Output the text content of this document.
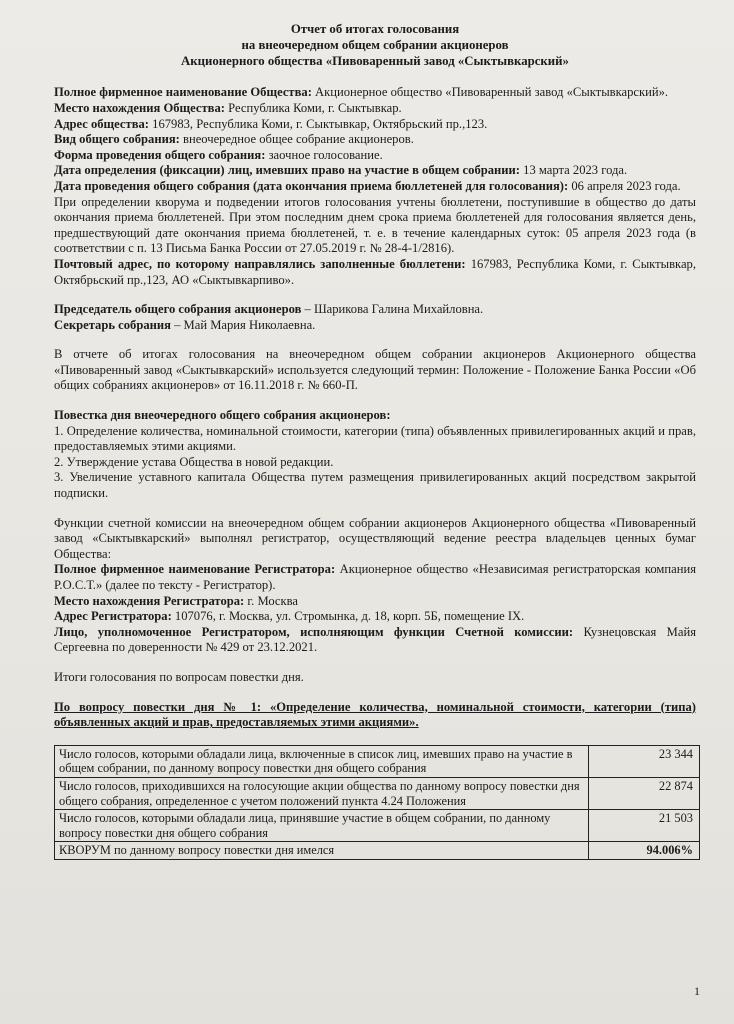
Отчет об итогах голосования
на внеочередном общем собрании акционеров
Акционерного общества «Пивоваренный завод «Сыктывкарский»

Полное фирменное наименование Общества: Акционерное общество «Пивоваренный завод «Сыктывкарский».

Место нахождения Общества: Республика Коми, г. Сыктывкар.

Адрес общества: 167983, Республика Коми, г. Сыктывкар, Октябрьский пр.,123.

Вид общего собрания: внеочередное общее собрание акционеров.

Форма проведения общего собрания: заочное голосование.

Дата определения (фиксации) лиц, имевших право на участие в общем собрании: 13 марта 2023 года.

Дата проведения общего собрания (дата окончания приема бюллетеней для голосования): 06 апреля 2023 года.

При определении кворума и подведении итогов голосования учтены бюллетени, поступившие в общество до даты окончания приема бюллетеней. При этом последним днем срока приема бюллетеней для голосования является день, предшествующий дате окончания приема бюллетеней, т. е. в течение календарных суток: 05 апреля 2023 года (в соответствии с п. 13 Письма Банка России от 27.05.2019 г. № 28-4-1/2816).

Почтовый адрес, по которому направлялись заполненные бюллетени: 167983, Республика Коми, г. Сыктывкар, Октябрьский пр.,123, АО «Сыктывкарпиво».

Председатель общего собрания акционеров – Шарикова Галина Михайловна.

Секретарь собрания – Май Мария Николаевна.

В отчете об итогах голосования на внеочередном общем собрании акционеров Акционерного общества «Пивоваренный завод «Сыктывкарский» используется следующий термин: Положение - Положение Банка России «Об общих собраниях акционеров» от 16.11.2018 г. № 660-П.

Повестка дня внеочередного общего собрания акционеров:

1. Определение количества, номинальной стоимости, категории (типа) объявленных привилегированных акций и прав, предоставляемых этими акциями.

2. Утверждение устава Общества в новой редакции.

3. Увеличение уставного капитала Общества путем размещения привилегированных акций посредством закрытой подписки.

Функции счетной комиссии на внеочередном общем собрании акционеров Акционерного общества «Пивоваренный завод «Сыктывкарский» выполнял регистратор, осуществляющий ведение реестра владельцев ценных бумаг Общества:

Полное фирменное наименование Регистратора: Акционерное общество «Независимая регистраторская компания Р.О.С.Т.» (далее по тексту - Регистратор).

Место нахождения Регистратора: г. Москва

Адрес Регистратора: 107076, г. Москва, ул. Стромынка, д. 18, корп. 5Б, помещение IX.

Лицо, уполномоченное Регистратором, исполняющим функции Счетной комиссии: Кузнецовская Майя Сергеевна по доверенности № 429 от 23.12.2021.

Итоги голосования по вопросам повестки дня.

По вопросу повестки дня № 1: «Определение количества, номинальной стоимости, категории (типа) объявленных акций и прав, предоставляемых этими акциями».

Число голосов, которыми обладали лица, включенные в список лиц, имевших право на участие в общем собрании, по данному вопросу повестки дня общего собрания	23 344
Число голосов, приходившихся на голосующие акции общества по данному вопросу повестки дня общего собрания, определенное с учетом положений пункта 4.24 Положения	22 874
Число голосов, которыми обладали лица, принявшие участие в общем собрании, по данному вопросу повестки дня общего собрания	21 503
КВОРУМ по данному вопросу повестки дня имелся	94.006%
1
